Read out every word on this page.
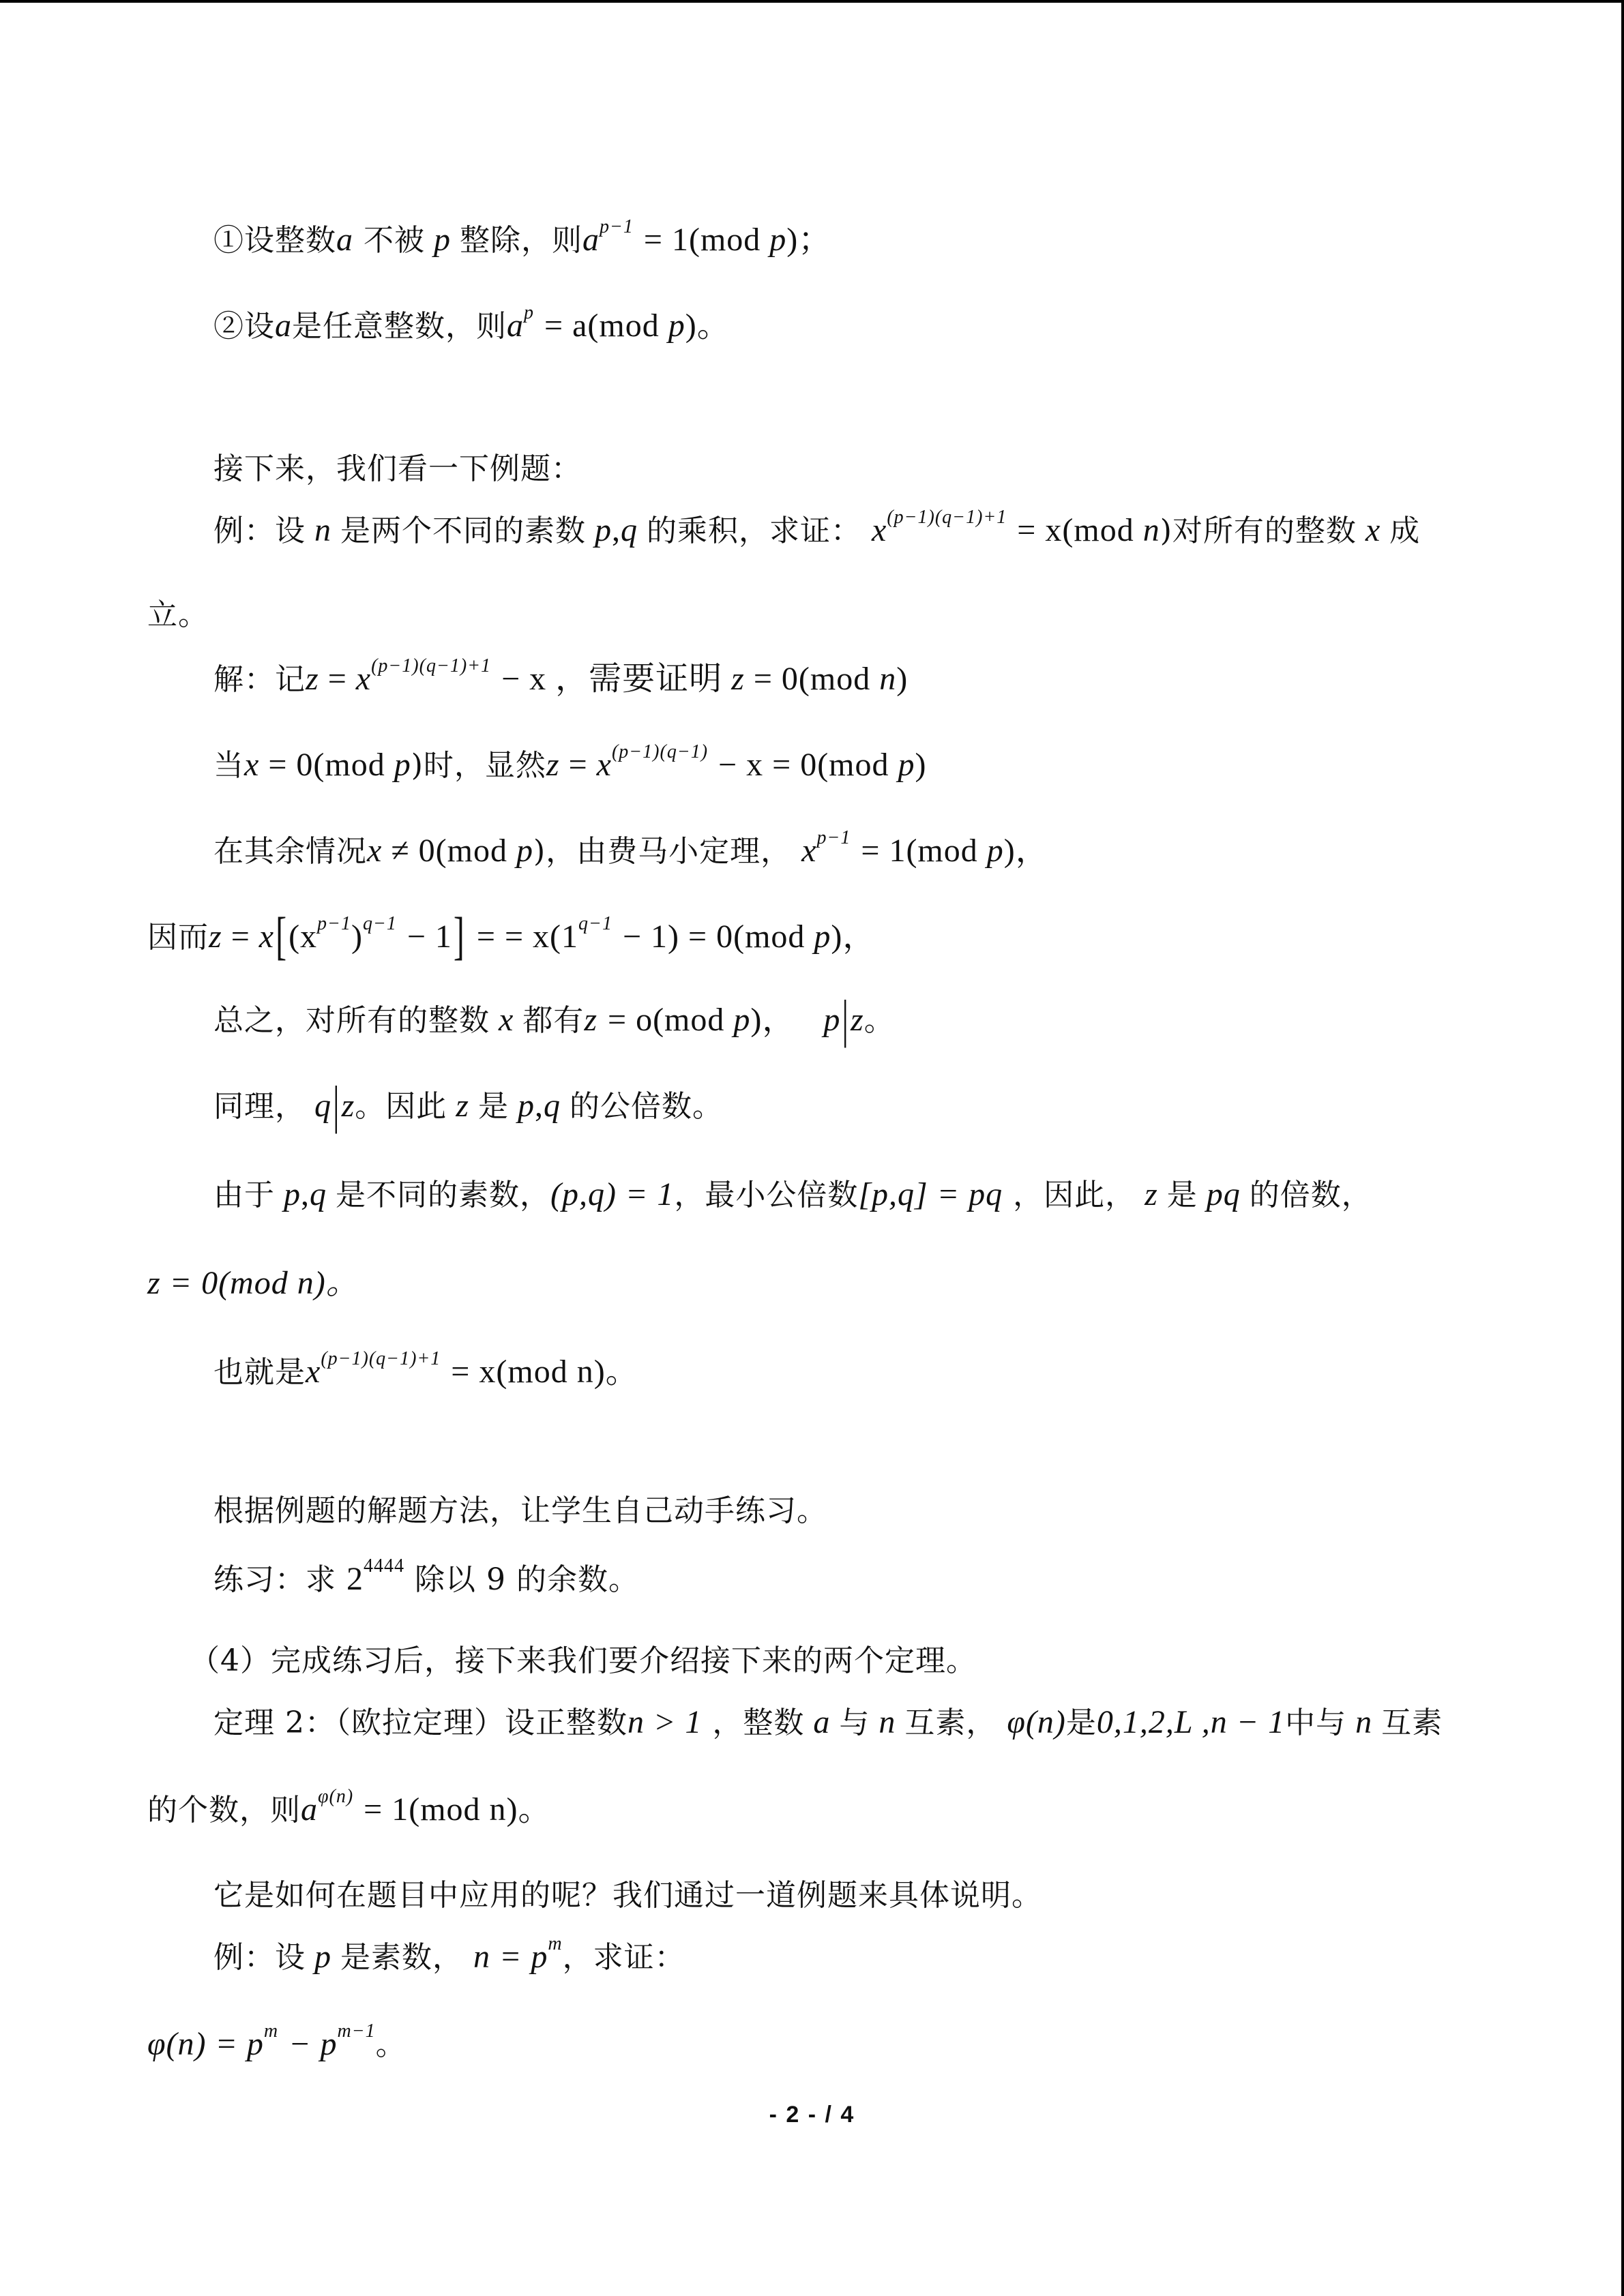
①设整数a 不被 p 整除，则$a^{p-1} = 1(mod$ p)；
②设a是任意整数，则$a^p = a(mod$ p)。
接下来，我们看一下例题：
例：设 n 是两个不同的素数 p,q 的乘积，求证： $x^{(p-1)(q-1)+1} = x(mod$ n)对所有的整数 x 成
立。
解：记$z = x^{(p-1)(q-1)+1} - x$ ，需要证明 z = 0(mod n)
当x = 0(mod p)时，显然$z = x^{(p-1)(q-1)} - x = 0(mod$ p)
在其余情况x ≠ 0(mod p)，由费马小定理， $x^{p-1} = 1(mod$ p)，
因而$z = x[(x^{p-1})^{q-1} - 1]$ = = $x(1^{q-1} - 1) = 0(mod$ p)，
总之，对所有的整数 x 都有z = o(mod p)，   p|z。
同理， q|z。因此 z 是 p,q 的公倍数。
由于 p,q 是不同的素数，(p,q) = 1，最小公倍数[p,q] = pq ，因此， z 是 pq 的倍数，
z = 0(mod n)。
也就是$x^{(p-1)(q-1)+1} = x(mod$ n)。
根据例题的解题方法，让学生自己动手练习。
练习：求 $2^{4444}$ 除以 9 的余数。
（4）完成练习后，接下来我们要介绍接下来的两个定理。
定理 2：（欧拉定理）设正整数n > 1 ，整数 a 与 n 互素， φ(n)是0,1,2,L ,n − 1中与 n 互素
的个数，则$a^{\varphi(n)} = 1(mod$ n)。
它是如何在题目中应用的呢？我们通过一道例题来具体说明。
例：设 p 是素数， $n = p^m$，求证：
$\varphi(n) = p^m - p^{m-1}$。
- 2 - / 4
